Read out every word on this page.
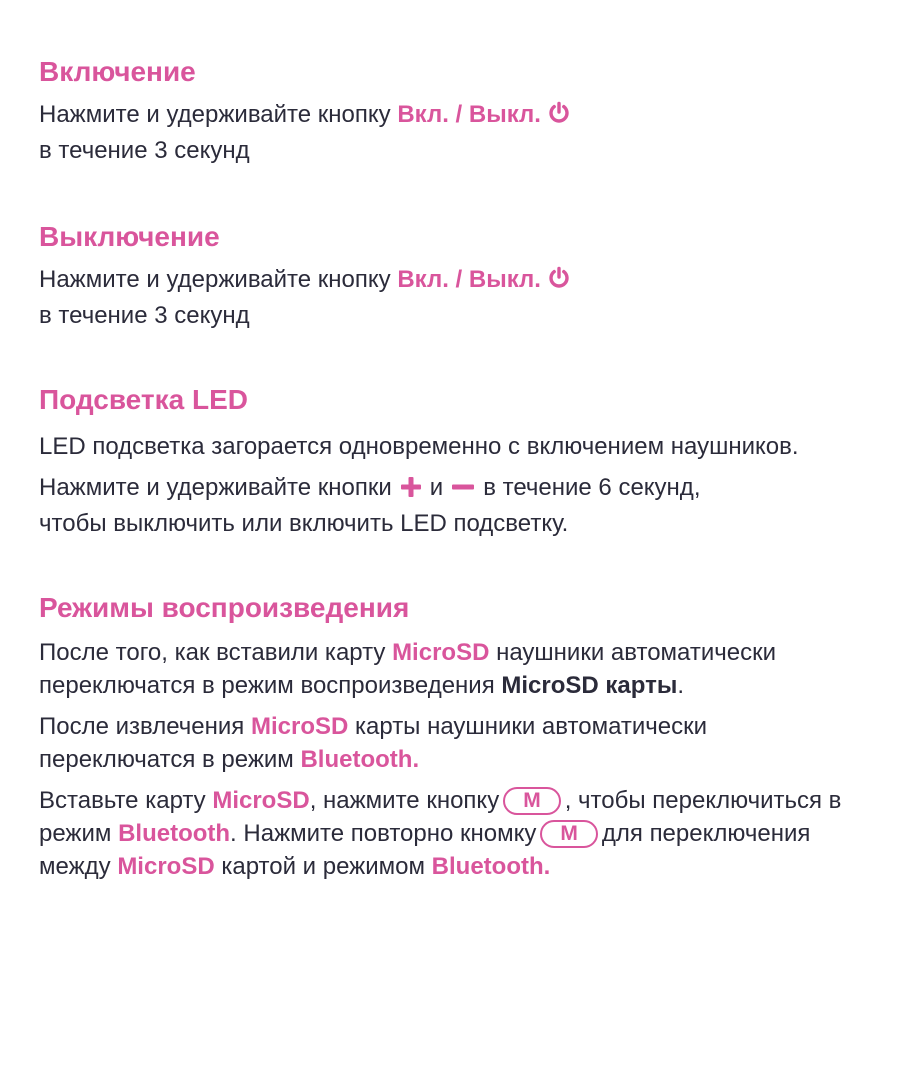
Включение

Нажмите и удерживайте кнопку Вкл. / Выкл.
в течение 3 секунд

Выключение

Нажмите и удерживайте кнопку Вкл. / Выкл.
в течение 3 секунд

Подсветка LED

LED подсветка загорается одновременно с включением наушников.

Нажмите и удерживайте кнопки и в течение 6 секунд,
чтобы выключить или включить LED подсветку.

Режимы воспроизведения

После того, как вставили карту MicroSD наушники автоматически переключатся в режим воспроизведения MicroSD карты.

После извлечения MicroSD карты наушники автоматически переключатся в режим Bluetooth.

Вставьте карту MicroSD, нажмите кнопку M , чтобы переключиться в режим Bluetooth. Нажмите повторно кномку M для переключения между MicroSD картой и режимом Bluetooth.
